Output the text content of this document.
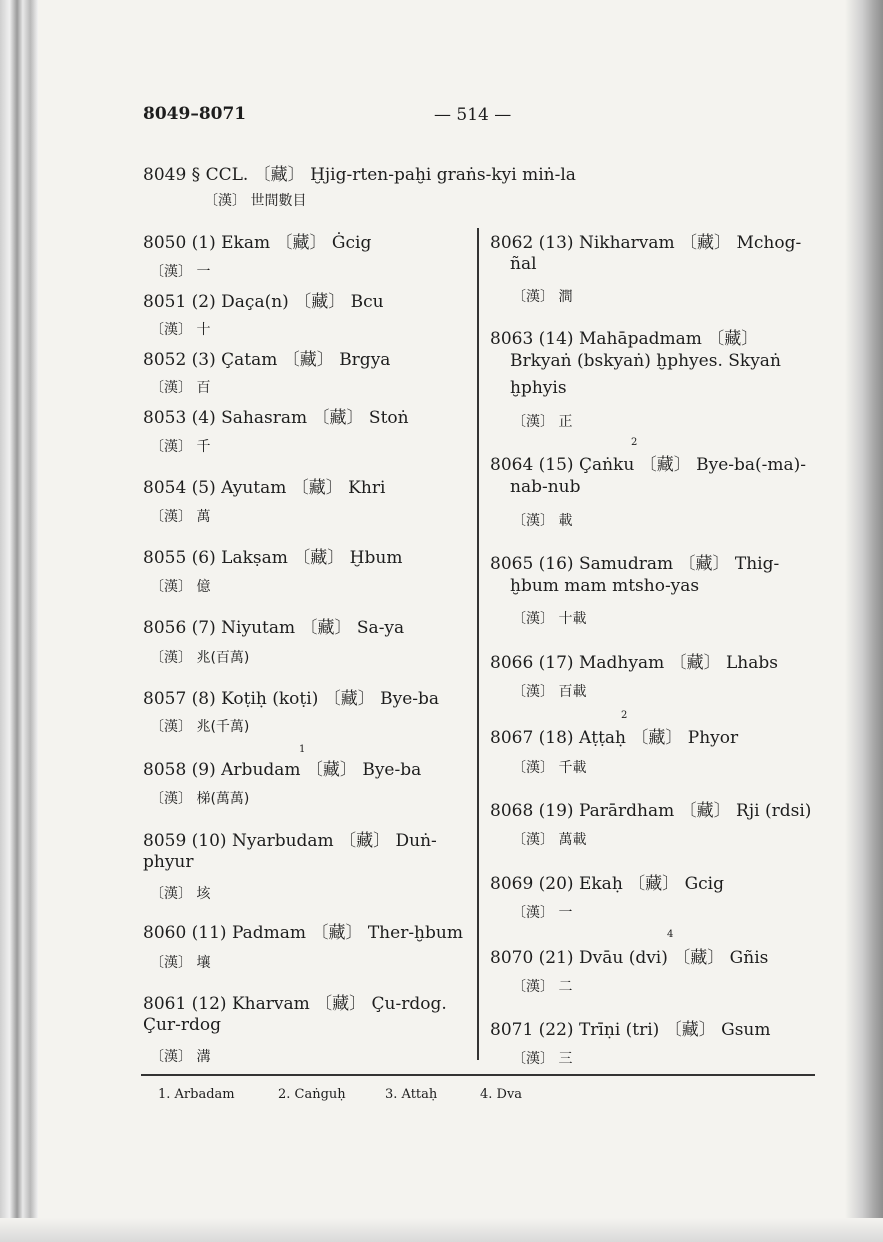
8049–8071	— 514 —
8049 § CCL. 〔藏〕 Ḫjig-rten-paḫi graṅs-kyi miṅ-la
〔漢〕 世間數目
8050 (1) Ekam 〔藏〕 Ġcig
〔漢〕 一
8051 (2) Daça(n) 〔藏〕 Bcu
〔漢〕 十
8052 (3) Çatam 〔藏〕 Brgya
〔漢〕 百
8053 (4) Sahasram 〔藏〕 Stoṅ
〔漢〕 千
8054 (5) Ayutam 〔藏〕 Khri
〔漢〕 萬
8055 (6) Lakṣam 〔藏〕 Ḫbum
〔漢〕 億
8056 (7) Niyutam 〔藏〕 Sa-ya
〔漢〕 兆(百萬)
8057 (8) Koṭiḥ (koṭi) 〔藏〕 Bye-ba
〔漢〕 兆(千萬)
1
8058 (9) Arbudam 〔藏〕 Bye-ba
〔漢〕 梯(萬萬)
8059 (10) Nyarbudam 〔藏〕 Duṅ-
phyur
〔漢〕 垓
8060 (11) Padmam 〔藏〕 Ther-ḫbum
〔漢〕 壤
8061 (12) Kharvam 〔藏〕 Çu-rdog.
Çur-rdog
〔漢〕 溝
8062 (13) Nikharvam 〔藏〕 Mchog-
ñal
〔漢〕 澗
8063 (14) Mahāpadmam 〔藏〕
Brkyaṅ (bskyaṅ) ḫphyes. Skyaṅ
ḫphyis
〔漢〕 正
2
8064 (15) Çaṅku 〔藏〕 Bye-ba(-ma)-
nab-nub
〔漢〕 載
8065 (16) Samudram 〔藏〕 Thig-
ḫbum mam mtsho-yas
〔漢〕 十載
8066 (17) Madhyam 〔藏〕 Lhabs
〔漢〕 百載
2
8067 (18) Aṭṭaḥ 〔藏〕 Phyor
〔漢〕 千載
8068 (19) Parārdham 〔藏〕 Rji (rdsi)
〔漢〕 萬載
8069 (20) Ekaḥ 〔藏〕 Gcig
〔漢〕 一
4
8070 (21) Dvāu (dvi) 〔藏〕 Gñis
〔漢〕 二
8071 (22) Trīṇi (tri) 〔藏〕 Gsum
〔漢〕 三
1. Arbadam	2. Caṅguḥ	3. Attaḥ	4. Dva
